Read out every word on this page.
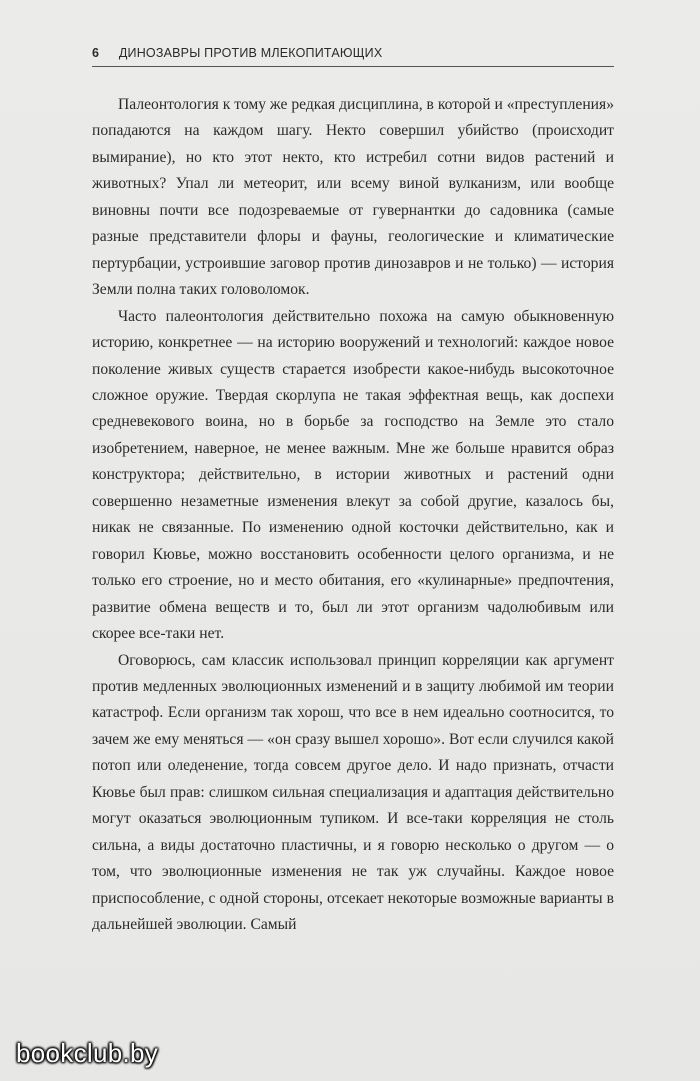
6 ДИНОЗАВРЫ ПРОТИВ МЛЕКОПИТАЮЩИХ

Палеонтология к тому же редкая дисциплина, в которой и «преступления» попадаются на каждом шагу. Некто совершил убийство (происходит вымирание), но кто этот некто, кто истребил сотни видов растений и животных? Упал ли метеорит, или всему виной вулканизм, или вообще виновны почти все подозреваемые от гувернантки до садовника (самые разные представители флоры и фауны, геологические и климатические пертурбации, устроившие заговор против динозавров и не только) — история Земли полна таких головоломок.

Часто палеонтология действительно похожа на самую обыкновенную историю, конкретнее — на историю вооружений и технологий: каждое новое поколение живых существ старается изобрести какое-нибудь высокоточное сложное оружие. Твердая скорлупа не такая эффектная вещь, как доспехи средневекового воина, но в борьбе за господство на Земле это стало изобретением, наверное, не менее важным. Мне же больше нравится образ конструктора; действительно, в истории животных и растений одни совершенно незаметные изменения влекут за собой другие, казалось бы, никак не связанные. По изменению одной косточки действительно, как и говорил Кювье, можно восстановить особенности целого организма, и не только его строение, но и место обитания, его «кулинарные» предпочтения, развитие обмена веществ и то, был ли этот организм чадолюбивым или скорее все-таки нет.

Оговорюсь, сам классик использовал принцип корреляции как аргумент против медленных эволюционных изменений и в защиту любимой им теории катастроф. Если организм так хорош, что все в нем идеально соотносится, то зачем же ему меняться — «он сразу вышел хорошо». Вот если случился какой потоп или оледенение, тогда совсем другое дело. И надо признать, отчасти Кювье был прав: слишком сильная специализация и адаптация действительно могут оказаться эволюционным тупиком. И все-таки корреляция не столь сильна, а виды достаточно пластичны, и я говорю несколько о другом — о том, что эволюционные изменения не так уж случайны. Каждое новое приспособление, с одной стороны, отсекает некоторые возможные варианты в дальнейшей эволюции. Самый

bookclub.by
